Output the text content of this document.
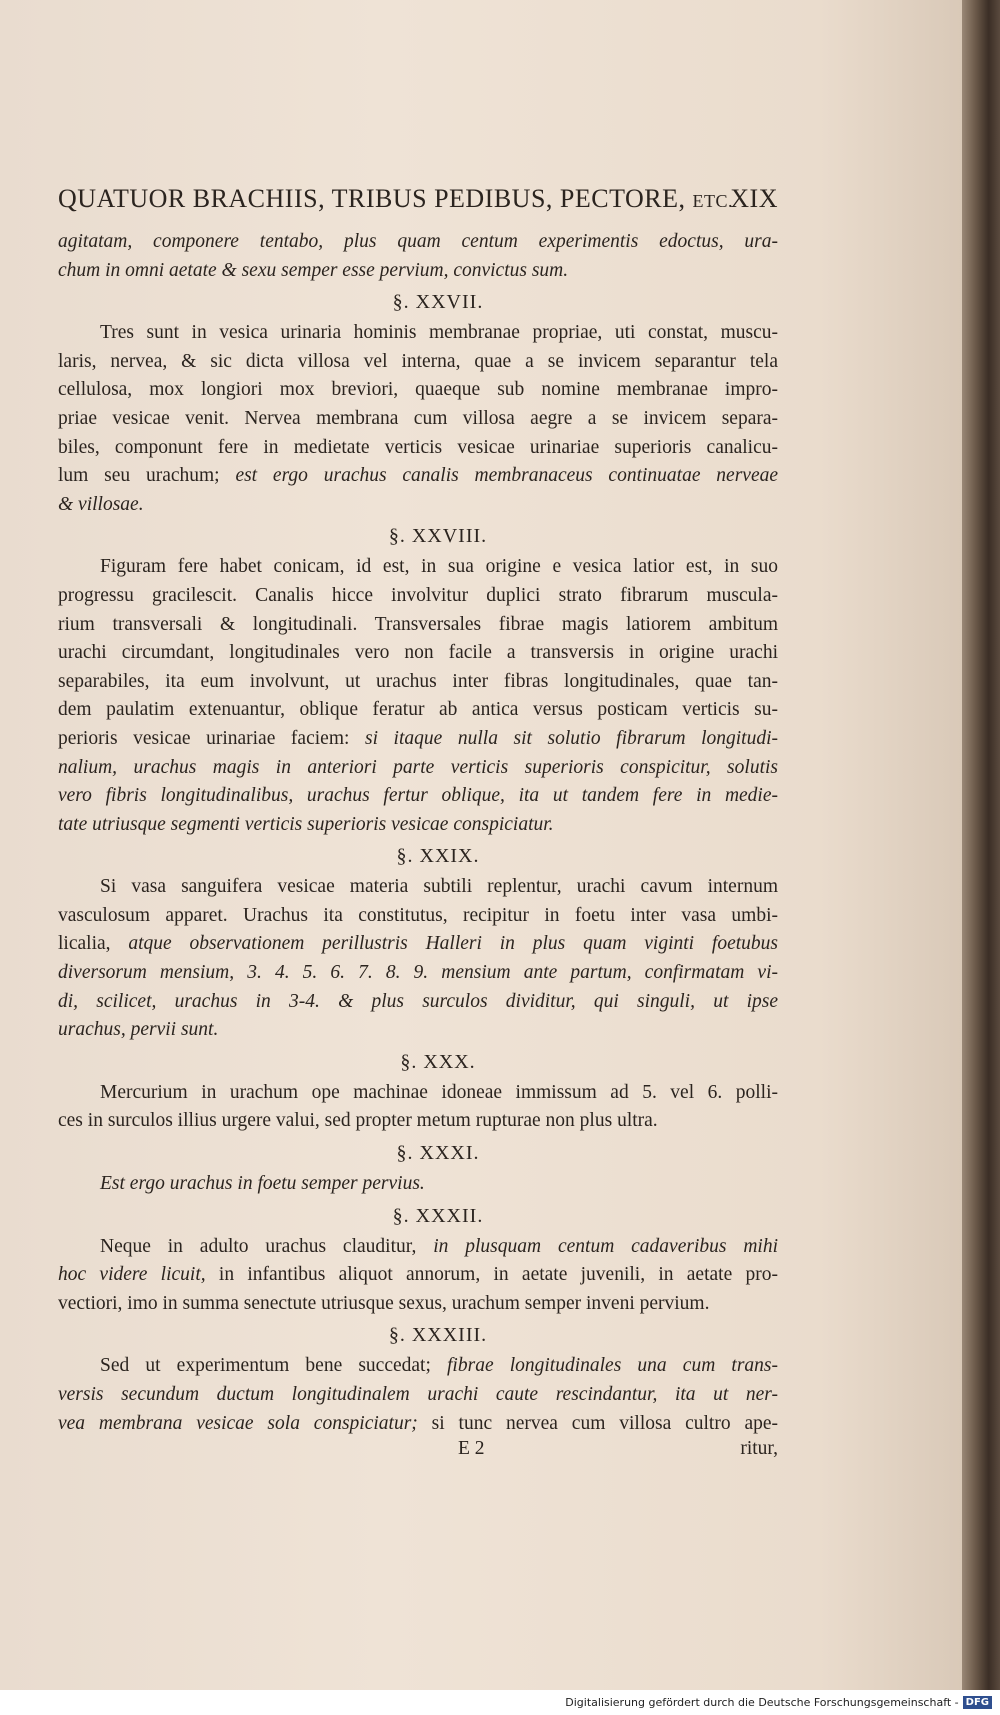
QUATUOR BRACHIIS, TRIBUS PEDIBUS, PECTORE, ETC.
XIX
agitatam, componere tentabo, plus quam centum experimentis edoctus, ura-
chum in omni aetate & sexu semper esse pervium, convictus sum.
§. XXVII.
Tres sunt in vesica urinaria hominis membranae propriae, uti constat, muscu-
laris, nervea, & sic dicta villosa vel interna, quae a se invicem separantur tela
cellulosa, mox longiori mox breviori, quaeque sub nomine membranae impro-
priae vesicae venit. Nervea membrana cum villosa aegre a se invicem separa-
biles, componunt fere in medietate verticis vesicae urinariae superioris canalicu-
lum seu urachum; est ergo urachus canalis membranaceus continuatae nerveae
& villosae.
§. XXVIII.
Figuram fere habet conicam, id est, in sua origine e vesica latior est, in suo
progressu gracilescit. Canalis hicce involvitur duplici strato fibrarum muscula-
rium transversali & longitudinali. Transversales fibrae magis latiorem ambitum
urachi circumdant, longitudinales vero non facile a transversis in origine urachi
separabiles, ita eum involvunt, ut urachus inter fibras longitudinales, quae tan-
dem paulatim extenuantur, oblique feratur ab antica versus posticam verticis su-
perioris vesicae urinariae faciem: si itaque nulla sit solutio fibrarum longitudi-
nalium, urachus magis in anteriori parte verticis superioris conspicitur, solutis
vero fibris longitudinalibus, urachus fertur oblique, ita ut tandem fere in medie-
tate utriusque segmenti verticis superioris vesicae conspiciatur.
§. XXIX.
Si vasa sanguifera vesicae materia subtili replentur, urachi cavum internum
vasculosum apparet. Urachus ita constitutus, recipitur in foetu inter vasa umbi-
licalia, atque observationem perillustris Halleri in plus quam viginti foetubus
diversorum mensium, 3. 4. 5. 6. 7. 8. 9. mensium ante partum, confirmatam vi-
di, scilicet, urachus in 3-4. & plus surculos dividitur, qui singuli, ut ipse
urachus, pervii sunt.
§. XXX.
Mercurium in urachum ope machinae idoneae immissum ad 5. vel 6. polli-
ces in surculos illius urgere valui, sed propter metum rupturae non plus ultra.
§. XXXI.
Est ergo urachus in foetu semper pervius.
§. XXXII.
Neque in adulto urachus clauditur, in plusquam centum cadaveribus mihi
hoc videre licuit, in infantibus aliquot annorum, in aetate juvenili, in aetate pro-
vectiori, imo in summa senectute utriusque sexus, urachum semper inveni pervium.
§. XXXIII.
Sed ut experimentum bene succedat; fibrae longitudinales una cum trans-
versis secundum ductum longitudinalem urachi caute rescindantur, ita ut ner-
vea membrana vesicae sola conspiciatur; si tunc nervea cum villosa cultro ape-
E 2	ritur,
Digitalisierung gefördert durch die Deutsche Forschungsgemeinschaft - DFG
